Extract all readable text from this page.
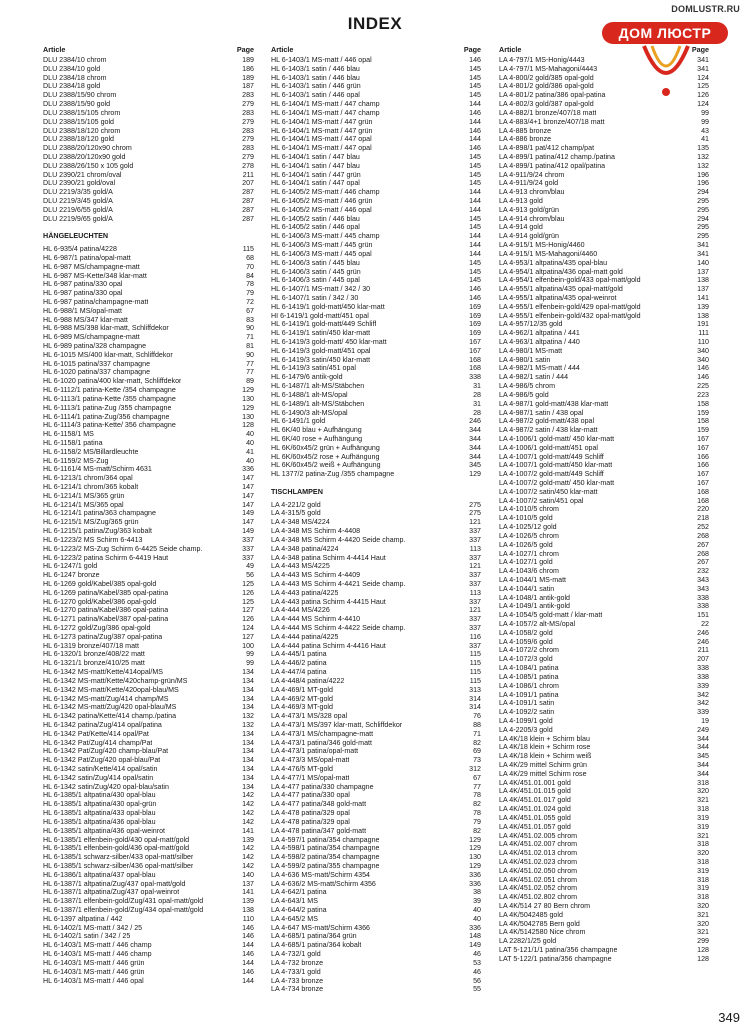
DOMLUSTR.RU
ДОМ ЛЮСТР
INDEX
Article	Page
DLU 2384/10 chrom	189
DLU 2384/10 gold	186
DLU 2384/18 chrom	189
DLU 2384/18 gold	187
DLU 2388/15/90 chrom	283
DLU 2388/15/90 gold	279
DLU 2388/15/105 chrom	283
DLU 2388/15/105 gold	279
DLU 2388/18/120 chrom	283
DLU 2388/18/120 gold	279
DLU 2388/20/120x90 chrom	283
DLU 2388/20/120x90 gold	279
DLU 2388/26/150 x 105 gold	278
DLU 2390/21 chrom/oval	211
DLU 2390/21 gold/oval	207
DLU 2219/3/35 gold/A	287
DLU 2219/3/45 gold/A	287
DLU 2219/6/55 gold/A	287
DLU 2219/9/65 gold/A	287
HÄNGELEUCHTEN
HL 6-935/4 patina/4228	115
HL 6-987/1 patina/opal-matt	68
HL 6-987 MS/champagne-matt	70
HL 6-987 MS-Kette/348 klar-matt	84
HL 6-987 patina/330 opal	78
HL 6-987 patina/330 opal	79
HL 6-987 patina/champagne-matt	72
HL 6-988/1 MS/opal-matt	67
HL 6-988 MS/347 klar-matt	83
HL 6-988 MS/398 klar-matt, Schliffdekor	90
HL 6-989 MS/champagne-matt	71
HL 6-989 patina/328 champagne	81
HL 6-1015 MS/400 klar-matt, Schliffdekor	90
HL 6-1015 patina/337 champagne	77
HL 6-1020 patina/337 champagne	77
HL 6-1020 patina/400 klar-matt, Schliffdekor	89
HL 6-1112/1 patina-Kette /354 champagne	129
HL 6-1113/1 patina-Kette /355 champagne	130
HL 6-1113/1 patina-Zug /355 champagne	129
HL 6-1114/1 patina-Zug/356 champagne	130
HL 6-1114/3 patina-Kette/ 356 champagne	128
HL 6-1158/1 MS	40
HL 6-1158/1 patina	40
HL 6-1158/2 MS/Billardleuchte	41
HL 6-1159/2 MS-Zug	40
HL 6-1161/4 MS-matt/Schirm 4631	336
HL 6-1213/1 chrom/364 opal	147
HL 6-1214/1 chrom/365 kobalt	147
HL 6-1214/1 MS/365 grün	147
HL 6-1214/1 MS/365 opal	147
HL 6-1214/1 patina/363 champagne	149
HL 6-1215/1 MS/Zug/365 grün	147
HL 6-1215/1 patina/Zug/363 kobalt	149
HL 6-1223/2 MS Schirm 6-4413	337
HL 6-1223/2 MS-Zug Schirm 6-4425 Seide champ.	337
HL 6-1223/2 patina Schirm 6-4419 Haut	337
HL 6-1247/1 gold	49
HL 6-1247 bronze	56
HL 6-1269 gold/Kabel/385 opal-gold	125
HL 6-1269 patina/Kabel/385 opal-patina	126
HL 6-1270 gold/Kabel/386 opal-gold	125
HL 6-1270 patina/Kabel/386 opal-patina	127
HL 6-1271 patina/Kabel/387 opal-patina	126
HL 6-1272 gold/Zug/386 opal-gold	124
HL 6-1273 patina/Zug/387 opal-patina	127
HL 6-1319 bronze/407/18 matt	100
HL 6-1320/1 bronze/408/22 matt	99
HL 6-1321/1 bronze/410/25 matt	99
HL 6-1342 MS-matt/Kette/414opal/MS	134
HL 6-1342 MS-matt/Kette/420champ-grün/MS	134
HL 6-1342 MS-matt/Kette/420opal-blau/MS	134
HL 6-1342 MS-matt/Zug/414 champ/MS	134
HL 6-1342 MS-matt/Zug/420 opal-blau/MS	134
HL 6-1342 patina/Kette/414 champ./patina	132
HL 6-1342 patina/Zug/414 opal/patina	132
HL 6-1342 Pat/Kette/414 opal/Pat	134
HL 6-1342 Pat/Zug/414 champ/Pat	134
HL 6-1342 Pat/Zug/420 champ-blau/Pat	134
HL 6-1342 Pat/Zug/420 opal-blau/Pat	134
HL 6-1342 satin/Kette/414 opal/satin	134
HL 6-1342 satin/Zug/414 opal/satin	134
HL 6-1342 satin/Zug/420 opal-blau/satin	134
HL 6-1385/1 altpatina/430 opal-blau	142
HL 6-1385/1 altpatina/430 opal-grün	142
HL 6-1385/1 altpatina/433 opal-blau	142
HL 6-1385/1 altpatina/436 opal-blau	142
HL 6-1385/1 altpatina/436 opal-weinrot	141
HL 6-1385/1 elfenbein-gold/430 opal-matt/gold	139
HL 6-1385/1 elfenbein-gold/436 opal-matt/gold	142
HL 6-1385/1 schwarz-silber/433 opal-matt/silber	142
HL 6-1385/1 schwarz-silber/436 opal-matt/silber	142
HL 6-1386/1 altpatina/437 opal-blau	140
HL 6-1387/1 altpatina/Zug/437 opal-matt/gold	137
HL 6-1387/1 altpatina/Zug/437 opal-weinrot	141
HL 6-1387/1 elfenbein-gold/Zug/431 opal-matt/gold	139
HL 6-1387/1 elfenbein-gold/Zug/434 opal-matt/gold	138
HL 6-1397 altpatina / 442	110
HL 6-1402/1 MS-matt / 342 / 25	146
HL 6-1402/1 satin / 342 / 25	146
HL 6-1403/1 MS-matt / 446 champ	144
HL 6-1403/1 MS-matt / 446 champ	146
HL 6-1403/1 MS-matt / 446 grün	144
HL 6-1403/1 MS-matt / 446 grün	146
HL 6-1403/1 MS-matt / 446 opal	144
Article	Page
HL 6-1403/1 MS-matt / 446 opal	146
HL 6-1403/1 satin / 446 blau	145
HL 6-1403/1 satin / 446 blau	145
HL 6-1403/1 satin / 446 grün	145
HL 6-1403/1 satin / 446 opal	145
HL 6-1404/1 MS-matt / 447 champ	144
HL 6-1404/1 MS-matt / 447 champ	146
HL 6-1404/1 MS-matt / 447 grün	144
HL 6-1404/1 MS-matt / 447 grün	146
HL 6-1404/1 MS-matt / 447 opal	144
HL 6-1404/1 MS-matt / 447 opal	146
HL 6-1404/1 satin / 447 blau	145
HL 6-1404/1 satin / 447 blau	145
HL 6-1404/1 satin / 447 grün	145
HL 6-1404/1 satin / 447 opal	145
HL 6-1405/2 MS-matt / 446 champ	144
HL 6-1405/2 MS-matt / 446 grün	144
HL 6-1405/2 MS-matt / 446 opal	144
HL 6-1405/2 satin / 446 blau	145
HL 6-1405/2 satin / 446 opal	145
HL 6-1406/3 MS-matt / 445 champ	144
HL 6-1406/3 MS-matt / 445 grün	144
HL 6-1406/3 MS-matt / 445 opal	144
HL 6-1406/3 satin / 445 blau	145
HL 6-1406/3 satin / 445 grün	145
HL 6-1406/3 satin / 445 opal	145
HL 6-1407/1 MS-matt / 342 / 30	146
HL 6-1407/1 satin / 342 / 30	146
HL 6-1419/1 gold-matt/450 klar-matt	169
HI 6-1419/1 gold-matt/451 opal	169
HL 6-1419/1 gold-matt/449 Schliff	169
HL 6-1419/1 satin/450 klar-matt	169
HL 6-1419/3 gold-matt/ 450 klar-matt	167
HL 6-1419/3 gold-matt/451 opal	167
HL 6-1419/3 satin/450 klar-matt	168
HL 6-1419/3 satin/451 opal	168
HL 6-1479/6 antik-gold	338
HL 6-1487/1 alt-MS/Stäbchen	31
HL 6-1488/1 alt-MS/opal	28
HL 6-1489/1 alt-MS/Stäbchen	31
HL 6-1490/3 alt-MS/opal	28
HL 6-1491/1 gold	246
HL 6K/40 blau + Aufhängung	344
HL 6K/40 rose + Aufhängung	344
HL 6K/60x45/2 grün + Aufhängung	344
HL 6K/60x45/2 rose + Aufhängung	344
HL 6K/60x45/2 weiß + Aufhängung	345
HL 1377/2 patina-Zug /355 champagne	129
TISCHLAMPEN
LA 4-221/2 gold	275
LA 4-315/5 gold	275
LA 4-348 MS/4224	121
LA 4-348 MS Schirm 4-4408	337
LA 4-348 MS Schirm 4-4420 Seide champ.	337
LA 4-348 patina/4224	113
LA 4-348 patina Schirm 4-4414 Haut	337
LA 4-443 MS/4225	121
LA 4-443 MS Schirm 4-4409	337
LA 4-443 MS Schirm 4-4421 Seide champ.	337
LA 4-443 patina/4225	113
LA 4-443 patina Schirm 4-4415 Haut	337
LA 4-444 MS/4226	121
LA 4-444 MS Schirm 4-4410	337
LA 4-444 MS Schirm 4-4422 Seide champ.	337
LA 4-444 patina/4225	116
LA 4-444 patina Schirm 4-4416 Haut	337
LA 4-445/1 patina	115
LA 4-446/2 patina	115
LA 4-447/4 patina	115
LA 4-448/4 patina/4222	115
LA 4-469/1 MT-gold	313
LA 4-469/2 MT-gold	314
LA 4-469/3 MT-gold	314
LA 4-473/1 MS/328 opal	76
LA 4-473/1 MS/397 klar-matt, Schliffdekor	88
LA 4-473/1 MS/champagne-matt	71
LA 4-473/1 patina/346 gold-matt	82
LA 4-473/1 patina/opal-matt	69
LA 4-473/3 MS/opal-matt	73
LA 4-476/5 MT-gold	312
LA 4-477/1 MS/opal-matt	67
LA 4-477 patina/330 champagne	77
LA 4-477 patina/330 opal	78
LA 4-477 patina/348 gold-matt	82
LA 4-478 patina/329 opal	78
LA 4-478 patina/329 opal	79
LA 4-478 patina/347 gold-matt	82
LA 4-597/1 patina/354 champagne	129
LA 4-598/1 patina/354 champagne	129
LA 4-598/2 patina/354 champagne	130
LA 4-599/2 patina/355 champagne	129
LA 4-636 MS-matt/Schirm 4354	336
LA 4-636/2 MS-matt/Schirm 4356	336
LA 4-642/1 patina	38
LA 4-643/1 MS	39
LA 4-644/2 patina	40
LA 4-645/2 MS	40
LA 4-647 MS-matt/Schirm 4366	336
LA 4-685/1 patina/364 grün	148
LA 4-685/1 patina/364 kobalt	149
LA 4-732/1 gold	46
LA 4-732 bronze	53
LA 4-733/1 gold	46
LA 4-733 bronze	56
LA 4-734 bronze	55
Article	Page
LA 4-797/1 MS-Honig/4443	341
LA 4-797/1 MS-Mahagoni/4443	341
LA 4-800/2 gold/385 opal-gold	124
LA 4-801/2 gold/386 opal-gold	125
LA 4-801/2 patina/386 opal-patina	126
LA 4-802/3 gold/387 opal-gold	124
LA 4-882/1 bronze/407/18 matt	99
LA 4-883/4+1 bronze/407/18 matt	99
LA 4-885 bronze	43
LA 4-886 bronze	41
LA 4-898/1 pat/412 champ/pat	135
LA 4-899/1 patina/412 champ./patina	132
LA 4-899/1 patina/412 opal/patina	132
LA 4-911/9/24 chrom	196
LA 4-911/9/24 gold	196
LA 4-913 chrom/blau	294
LA 4-913 gold	295
LA 4-913 gold/grün	295
LA 4-914 chrom/blau	294
LA 4-914 gold	295
LA 4-914 gold/grün	295
LA 4-915/1 MS-Honig/4460	341
LA 4-915/1 MS-Mahagoni/4460	341
LA 4-953/1 altpatina/435 opal-blau	140
LA 4-954/1 altpatina/436 opal-matt gold	137
LA 4-954/1 elfenbein-gold/433 opal-matt/gold	138
LA 4-955/1 altpatina/435 opal-matt/gold	137
LA 4-955/1 altpatina/435 opal-weinrot	141
LA 4-955/1 elfenbein-gold/429 opal-matt/gold	139
LA 4-955/1 elfenbein-gold/432 opal-matt/gold	138
LA 4-957/12/35 gold	191
LA 4-962/1 altpatina / 441	111
LA 4-963/1 altpatina / 440	110
LA 4-980/1 MS-matt	340
LA 4-980/1 satin	340
LA 4-982/1 MS-matt / 444	146
LA 4-982/1 satin / 444	146
LA 4-986/5 chrom	225
LA 4-986/5 gold	223
LA 4-987/1 gold-matt/438 klar-matt	158
LA 4-987/1 satin / 438 opal	159
LA 4-987/2 gold-matt/438 opal	158
LA 4-987/2 satin / 438 klar-matt	159
LA 4-1006/1 gold-matt/ 450 klar-matt	167
LA 4-1006/1 gold-matt/451 opal	167
LA 4-1007/1 gold-matt/449 Schliff	166
LA 4-1007/1 gold-matt/450 klar-matt	166
LA 4-1007/2 gold-matt/449 Schliff	167
LA 4-1007/2 gold-matt/ 450 klar-matt	167
LA 4-1007/2 satin/450 klar-matt	168
LA 4-1007/2 satin/451 opal	168
LA 4-1010/5 chrom	220
LA 4-1010/5 gold	218
LA 4-1025/12 gold	252
LA 4-1026/5 chrom	268
LA 4-1026/5 gold	267
LA 4-1027/1 chrom	268
LA 4-1027/1 gold	267
LA 4-1043/6 chrom	232
LA 4-1044/1 MS-matt	343
LA 4-1044/1 satin	343
LA 4-1048/1 antik-gold	338
LA 4-1049/1 antik-gold	338
LA 4-1054/5 gold-matt / klar-matt	151
LA 4-1057/2 alt-MS/opal	22
LA 4-1058/2 gold	246
LA 4-1059/6 gold	246
LA 4-1072/2 chrom	211
LA 4-1072/3 gold	207
LA 4-1084/1 patina	338
LA 4-1085/1 patina	338
LA 4-1086/1 chrom	339
LA 4-1091/1 patina	342
LA 4-1091/1 satin	342
LA 4-1092/2 satin	339
LA 4-1099/1 gold	19
LA 4-2205/3 gold	249
LA 4K/18 klein + Schirm blau	344
LA 4K/18 klein + Schirm rose	344
LA 4K/18 klein + Schirm weiß	345
LA 4K/29 mittel Schirm grün	344
LA 4K/29 mittel Schirm rose	344
LA 4K/451.01.001 gold	318
LA 4K/451.01.015 gold	320
LA 4K/451.01.017 gold	321
LA 4K/451.01.024 gold	318
LA 4K/451.01.055 gold	319
LA 4K/451.01.057 gold	319
LA 4K/451.02.005 chrom	321
LA 4K/451.02.007 chrom	318
LA 4K/451.02.013 chrom	320
LA 4K/451.02.023 chrom	318
LA 4K/451.02.050 chrom	319
LA 4K/451.02.051 chrom	318
LA 4K/451.02.052 chrom	319
LA 4K/451.02.802 chrom	318
LA 4K/514 27 80 Bern chrom	320
LA 4K/5042485 gold	321
LA 4K/5042785 Bern gold	320
LA 4K/5142580 Nice chrom	321
LA 2282/1/25 gold	299
LAT 5-121/1/1 patina/356 champagne	128
LAT 5-122/1 patina/356 champagne	128
349
